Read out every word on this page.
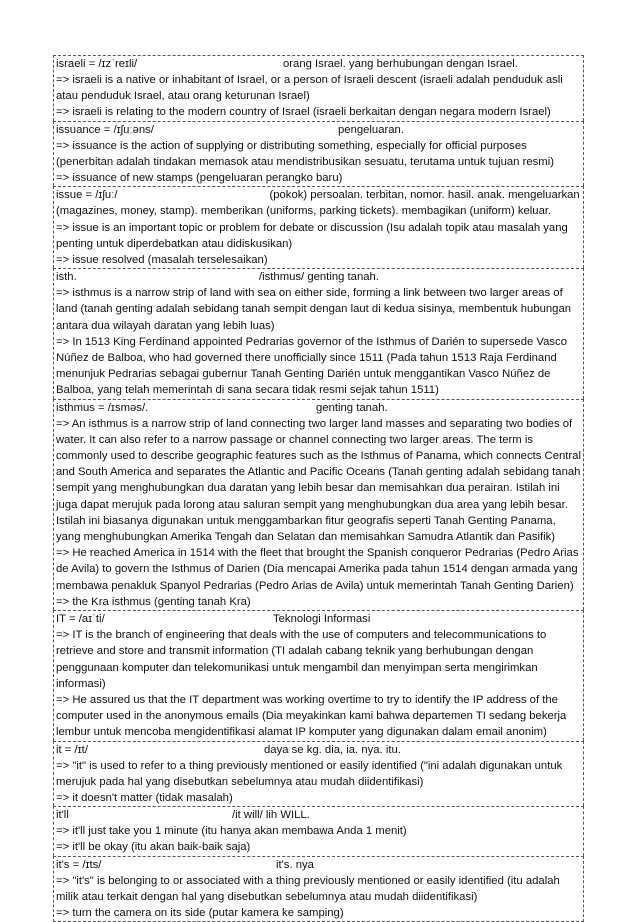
israeli = /ɪzˈreɪli/	orang Israel. yang berhubungan dengan Israel.

=> israeli is a native or inhabitant of Israel, or a person of Israeli descent (israeli adalah penduduk asli atau penduduk Israel, atau orang keturunan Israel)

=> israeli is relating to the modern country of Israel (israeli berkaitan dengan negara modern Israel)

issuance = /ɪʃuːəns/	pengeluaran.

=> issuance is the action of supplying or distributing something, especially for official purposes (penerbitan adalah tindakan memasok atau mendistribusikan sesuatu, terutama untuk tujuan resmi)

=> issuance of new stamps (pengeluaran perangko baru)

issue = /ɪʃuː/	(pokok) persoalan. terbitan, nomor. hasil. anak. mengeluarkan (magazines, money, stamp). memberikan (uniforms, parking tickets). membagikan (uniform) keluar.

=> issue is an important topic or problem for debate or discussion (Isu adalah topik atau masalah yang penting untuk diperdebatkan atau didiskusikan)

=> issue resolved (masalah terselesaikan)

isth.	/isthmus/ genting tanah.

=> isthmus is a narrow strip of land with sea on either side, forming a link between two larger areas of land (tanah genting adalah sebidang tanah sempit dengan laut di kedua sisinya, membentuk hubungan antara dua wilayah daratan yang lebih luas)

=> In 1513 King Ferdinand appointed Pedrarias governor of the Isthmus of Darién to supersede Vasco Núñez de Balboa, who had governed there unofficially since 1511 (Pada tahun 1513 Raja Ferdinand menunjuk Pedrarias sebagai gubernur Tanah Genting Darién untuk menggantikan Vasco Núñez de Balboa, yang telah memerintah di sana secara tidak resmi sejak tahun 1511)

isthmus = /ɪsməs/.	genting tanah.

=> An isthmus is a narrow strip of land connecting two larger land masses and separating two bodies of water. It can also refer to a narrow passage or channel connecting two larger areas. The term is commonly used to describe geographic features such as the Isthmus of Panama, which connects Central and South America and separates the Atlantic and Pacific Oceans (Tanah genting adalah sebidang tanah sempit yang menghubungkan dua daratan yang lebih besar dan memisahkan dua perairan. Istilah ini juga dapat merujuk pada lorong atau saluran sempit yang menghubungkan dua area yang lebih besar. Istilah ini biasanya digunakan untuk menggambarkan fitur geografis seperti Tanah Genting Panama, yang menghubungkan Amerika Tengah dan Selatan dan memisahkan Samudra Atlantik dan Pasifik)

=> He reached America in 1514 with the fleet that brought the Spanish conqueror Pedrarias (Pedro Arias de Avila) to govern the Isthmus of Darien (Dia mencapai Amerika pada tahun 1514 dengan armada yang membawa penakluk Spanyol Pedrarias (Pedro Arias de Avila) untuk memerintah Tanah Genting Darien)

=> the Kra isthmus (genting tanah Kra)

IT = /aɪˈti/	Teknologi Informasi

=> IT is the branch of engineering that deals with the use of computers and telecommunications to retrieve and store and transmit information (TI adalah cabang teknik yang berhubungan dengan penggunaan komputer dan telekomunikasi untuk mengambil dan menyimpan serta mengirimkan informasi)

=> He assured us that the IT department was working overtime to try to identify the IP address of the computer used in the anonymous emails (Dia meyakinkan kami bahwa departemen TI sedang bekerja lembur untuk mencoba mengidentifikasi alamat IP komputer yang digunakan dalam email anonim)

it = /ɪt/	daya se kg. dia, ia. nya. itu.

=> "it" is used to refer to a thing previously mentioned or easily identified ("ini adalah digunakan untuk merujuk pada hal yang disebutkan sebelumnya atau mudah diidentifikasi)

=> it doesn't matter (tidak masalah)

it'll	/it will/ lih WILL.

=> it'll just take you 1 minute (itu hanya akan membawa Anda 1 menit)

=> it'll be okay (itu akan baik-baik saja)

it's = /ɪts/	it's. nya

=> "it's" is belonging to or associated with a thing previously mentioned or easily identified (itu adalah milik atau terkait dengan hal yang disebutkan sebelumnya atau mudah diidentifikasi)

=> turn the camera on its side (putar kamera ke samping)
